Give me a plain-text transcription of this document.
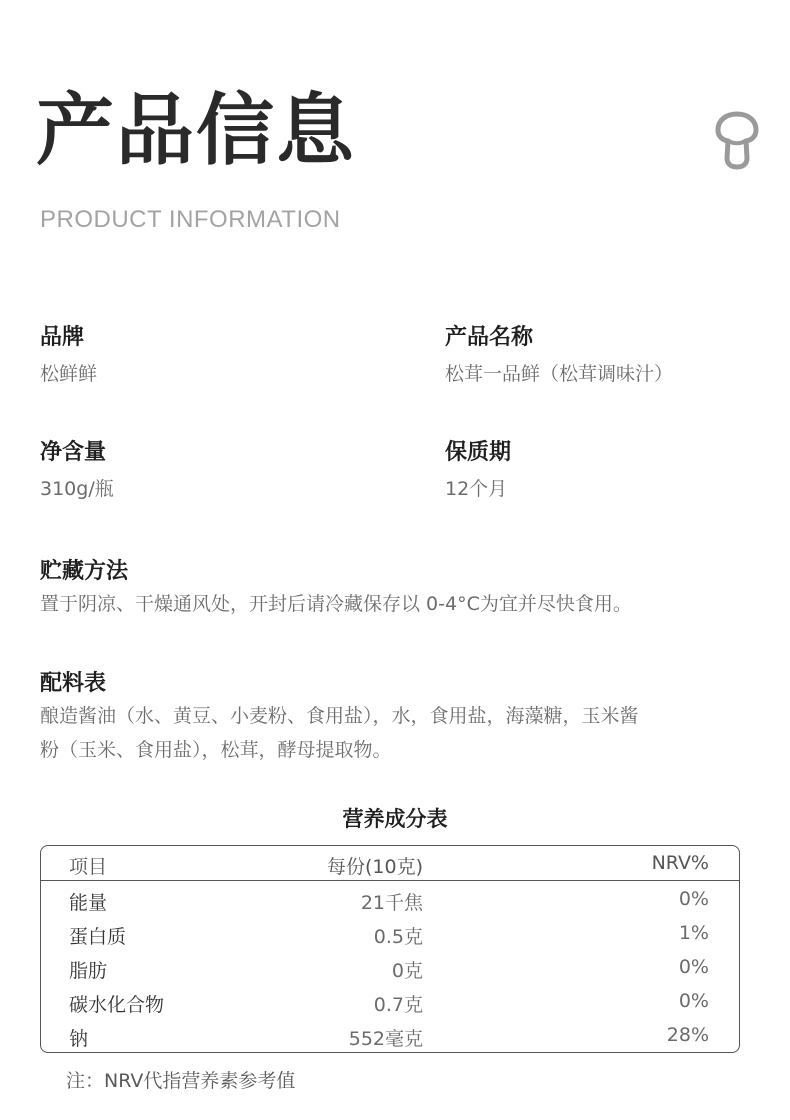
产品信息

PRODUCT INFORMATION

品牌
松鲜鲜
产品名称
松茸一品鲜（松茸调味汁）
净含量
310g/瓶
保质期
12个月
贮藏方法
置于阴凉、干燥通风处，开封后请冷藏保存以 0-4°C为宜并尽快食用。
配料表
酿造酱油（水、黄豆、小麦粉、食用盐），水，食用盐，海藻糖，玉米酱
粉（玉米、食用盐），松茸，酵母提取物。
营养成分表
项目	每份(10克)	NRV%
能量	21千焦	0%
蛋白质	0.5克	1%
脂肪	0克	0%
碳水化合物	0.7克	0%
钠	552毫克	28%
注：NRV代指营养素参考值
